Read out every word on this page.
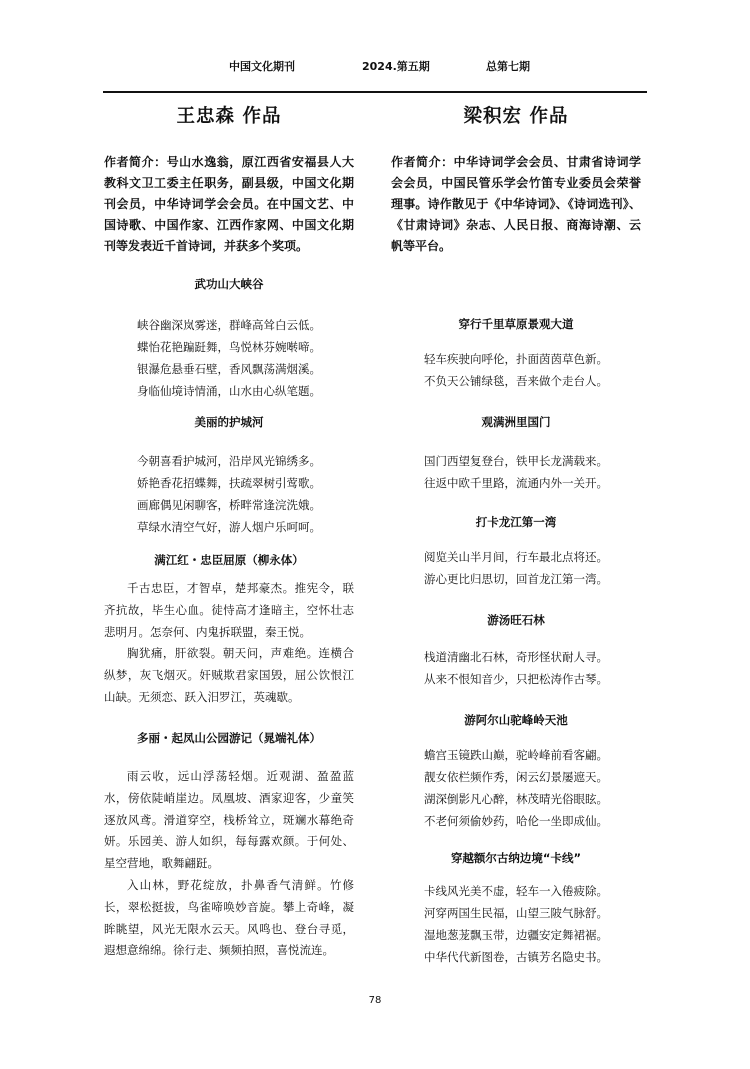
中国文化期刊	2024.第五期	总第七期
王忠森 作品
作者简介：号山水逸翁，原江西省安福县人大教科文卫工委主任职务，副县级，中国文化期刊会员，中华诗词学会会员。在中国文艺、中国诗歌、中国作家、江西作家网、中国文化期刊等发表近千首诗词，并获多个奖项。
武功山大峡谷
峡谷幽深岚雾迷，群峰高耸白云低。
蝶怡花艳蹁跹舞，鸟悦林芬婉啭啼。
银瀑危悬垂石壁，香风飘荡满烟溪。
身临仙境诗情涌，山水由心纵笔题。
美丽的护城河
今朝喜看护城河，沿岸风光锦绣多。
娇艳香花招蝶舞，扶疏翠树引莺歌。
画廊偶见闲聊客，桥畔常逢浣洗娥。
草绿水清空气好，游人烟户乐呵呵。
满江红・忠臣屈原（柳永体）

千古忠臣，才智卓，楚邦豪杰。推宪令，联齐抗故，毕生心血。徒恃高才逢暗主，空怀壮志悲明月。怎奈何、内鬼拆联盟，秦王悦。

胸犹痛，肝欲裂。朝天问，声难绝。连横合纵梦，灰飞烟灭。奸贼欺君家国毁，屈公饮恨江山缺。无须恋、跃入汨罗江，英魂歇。

多丽・起凤山公园游记（晁端礼体）

雨云收，远山浮荡轻烟。近观湖、盈盈蓝水，傍依陡峭崖边。凤凰坡、酒家迎客，少童笑逐放风鸢。滑道穿空，栈桥耸立，斑斓水幕绝奇妍。乐园美、游人如织，每每露欢颜。于何处、星空营地，歌舞翩跹。

入山林，野花绽放，扑鼻香气清鲜。竹修长，翠松挺拔，鸟雀啼唤妙音旋。攀上奇峰，凝眸眺望，风光无限水云天。风鸣也、登台寻觅，遐想意绵绵。徐行走、频频拍照，喜悦流连。

梁积宏 作品
作者简介：中华诗词学会会员、甘肃省诗词学会会员，中国民管乐学会竹笛专业委员会荣誉理事。诗作散见于《中华诗词》、《诗词选刊》、《甘肃诗词》杂志、人民日报、商海诗潮、云帆等平台。
穿行千里草原景观大道
轻车疾驶向呼伦，扑面茵茵草色新。
不负天公铺绿毯，吾来做个走台人。
观满洲里国门
国门西望复登台，铁甲长龙满载来。
往返中欧千里路，流通内外一关开。
打卡龙江第一湾
阅览关山半月间，行车最北点将还。
游心更比归思切，回首龙江第一湾。
游汤旺石林
栈道清幽北石林，奇形怪状耐人寻。
从来不恨知音少，只把松涛作古琴。
游阿尔山驼峰岭天池
蟾宫玉镜跌山巅，驼岭峰前看客翩。
靓女依栏频作秀，闲云幻景屡遮天。
湖深倒影凡心醉，林茂晴光俗眼眩。
不老何须偷妙药，哈伦一坐即成仙。
穿越额尔古纳边境“卡线”
卡线风光美不虚，轻车一入倦疲除。
河穿两国生民福，山望三陂气脉舒。
湿地葱茏飘玉带，边疆安定舞裙裾。
中华代代新图卷，古镇芳名隐史书。
78
